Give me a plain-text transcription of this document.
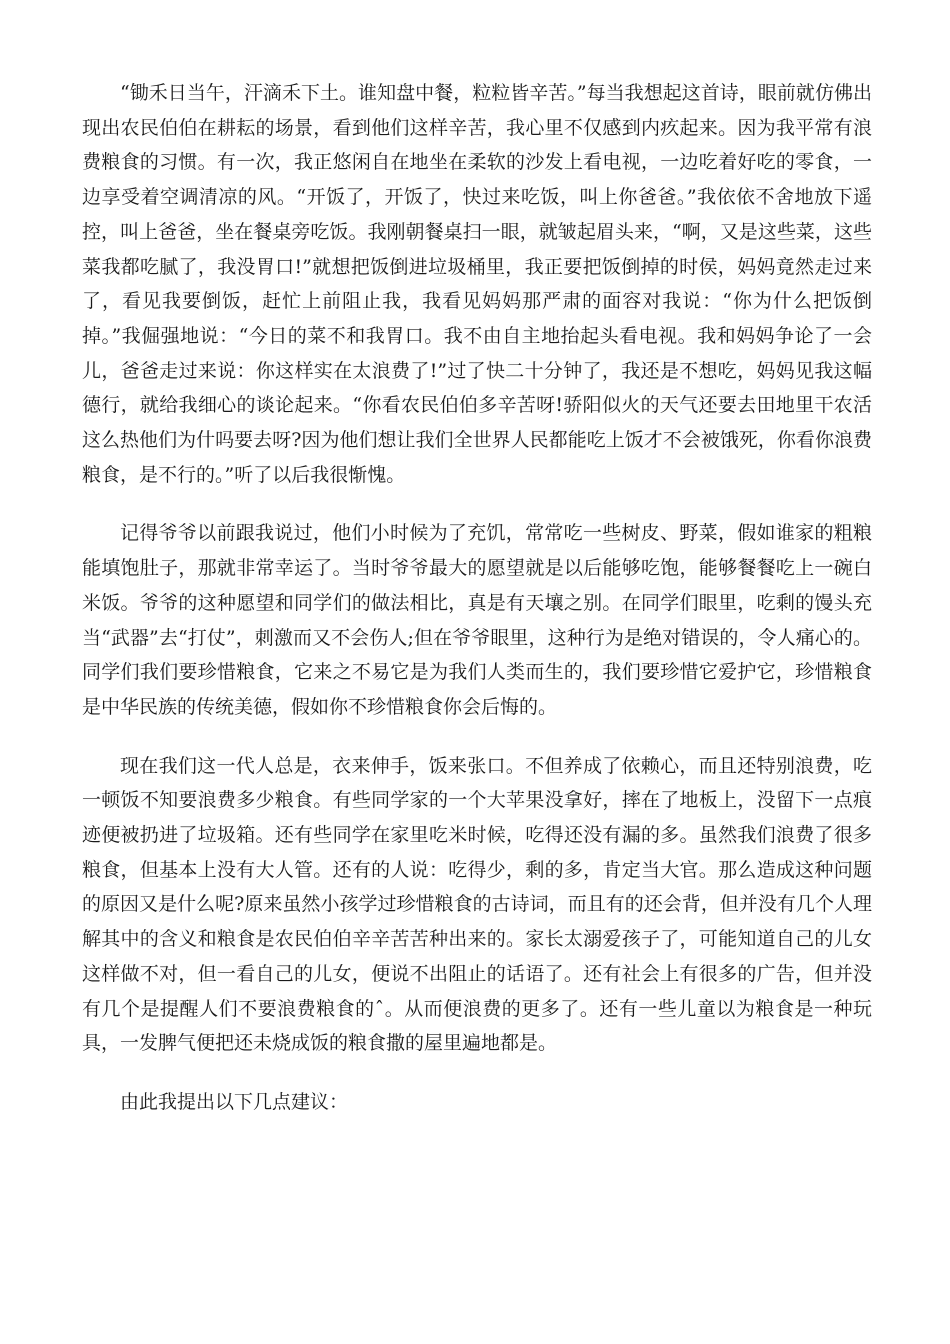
“锄禾日当午，汗滴禾下土。谁知盘中餐，粒粒皆辛苦。”每当我想起这首诗，眼前就仿佛出现出农民伯伯在耕耘的场景，看到他们这样辛苦，我心里不仅感到内疚起来。因为我平常有浪费粮食的习惯。有一次，我正悠闲自在地坐在柔软的沙发上看电视，一边吃着好吃的零食，一边享受着空调清凉的风。“开饭了，开饭了，快过来吃饭，叫上你爸爸。”我依依不舍地放下遥控，叫上爸爸，坐在餐桌旁吃饭。我刚朝餐桌扫一眼，就皱起眉头来，“啊，又是这些菜，这些菜我都吃腻了，我没胃口!”就想把饭倒进垃圾桶里，我正要把饭倒掉的时侯，妈妈竟然走过来了，看见我要倒饭，赶忙上前阻止我，我看见妈妈那严肃的面容对我说：“你为什么把饭倒掉。”我倔强地说：“今日的菜不和我胃口。我不由自主地抬起头看电视。我和妈妈争论了一会儿，爸爸走过来说：你这样实在太浪费了!”过了快二十分钟了，我还是不想吃，妈妈见我这幅德行，就给我细心的谈论起来。“你看农民伯伯多辛苦呀!骄阳似火的天气还要去田地里干农活这么热他们为什吗要去呀?因为他们想让我们全世界人民都能吃上饭才不会被饿死，你看你浪费粮食，是不行的。”听了以后我很惭愧。

记得爷爷以前跟我说过，他们小时候为了充饥，常常吃一些树皮、野菜，假如谁家的粗粮能填饱肚子，那就非常幸运了。当时爷爷最大的愿望就是以后能够吃饱，能够餐餐吃上一碗白米饭。爷爷的这种愿望和同学们的做法相比，真是有天壤之别。在同学们眼里，吃剩的馒头充当“武器”去“打仗”，刺激而又不会伤人;但在爷爷眼里，这种行为是绝对错误的，令人痛心的。同学们我们要珍惜粮食，它来之不易它是为我们人类而生的，我们要珍惜它爱护它，珍惜粮食是中华民族的传统美德，假如你不珍惜粮食你会后悔的。

现在我们这一代人总是，衣来伸手，饭来张口。不但养成了依赖心，而且还特别浪费，吃一顿饭不知要浪费多少粮食。有些同学家的一个大苹果没拿好，摔在了地板上，没留下一点痕迹便被扔进了垃圾箱。还有些同学在家里吃米时候，吃得还没有漏的多。虽然我们浪费了很多粮食，但基本上没有大人管。还有的人说：吃得少，剩的多，肯定当大官。那么造成这种问题的原因又是什么呢?原来虽然小孩学过珍惜粮食的古诗词，而且有的还会背，但并没有几个人理解其中的含义和粮食是农民伯伯辛辛苦苦种出来的。家长太溺爱孩子了，可能知道自己的儿女这样做不对，但一看自己的儿女，便说不出阻止的话语了。还有社会上有很多的广告，但并没有几个是提醒人们不要浪费粮食的ˆ。从而便浪费的更多了。还有一些儿童以为粮食是一种玩具，一发脾气便把还未烧成饭的粮食撒的屋里遍地都是。

由此我提出以下几点建议：
